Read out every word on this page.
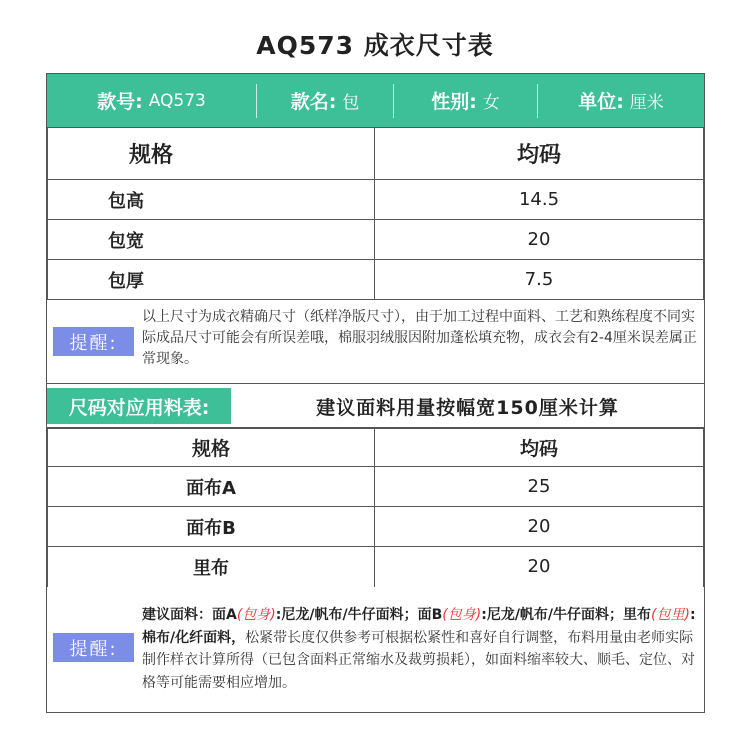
AQ573 成衣尺寸表
款号: AQ573	款名: 包	性别: 女	单位: 厘米
规格	均码
包高	14.5
包宽	20
包厚	7.5
提醒:
以上尺寸为成衣精确尺寸（纸样净版尺寸），由于加工过程中面料、工艺和熟练程度不同实际成品尺寸可能会有所误差哦，棉服羽绒服因附加蓬松填充物，成衣会有2-4厘米误差属正常现象。
尺码对应用料表:	建议面料用量按幅宽150厘米计算
规格	均码
面布A	25
面布B	20
里布	20
提醒:
建议面料：面A(包身):尼龙/帆布/牛仔面料；面B(包身):尼龙/帆布/牛仔面料；里布(包里):棉布/化纤面料，松紧带长度仅供参考可根据松紧性和喜好自行调整，布料用量由老师实际制作样衣计算所得（已包含面料正常缩水及裁剪损耗），如面料缩率较大、顺毛、定位、对格等可能需要相应增加。
